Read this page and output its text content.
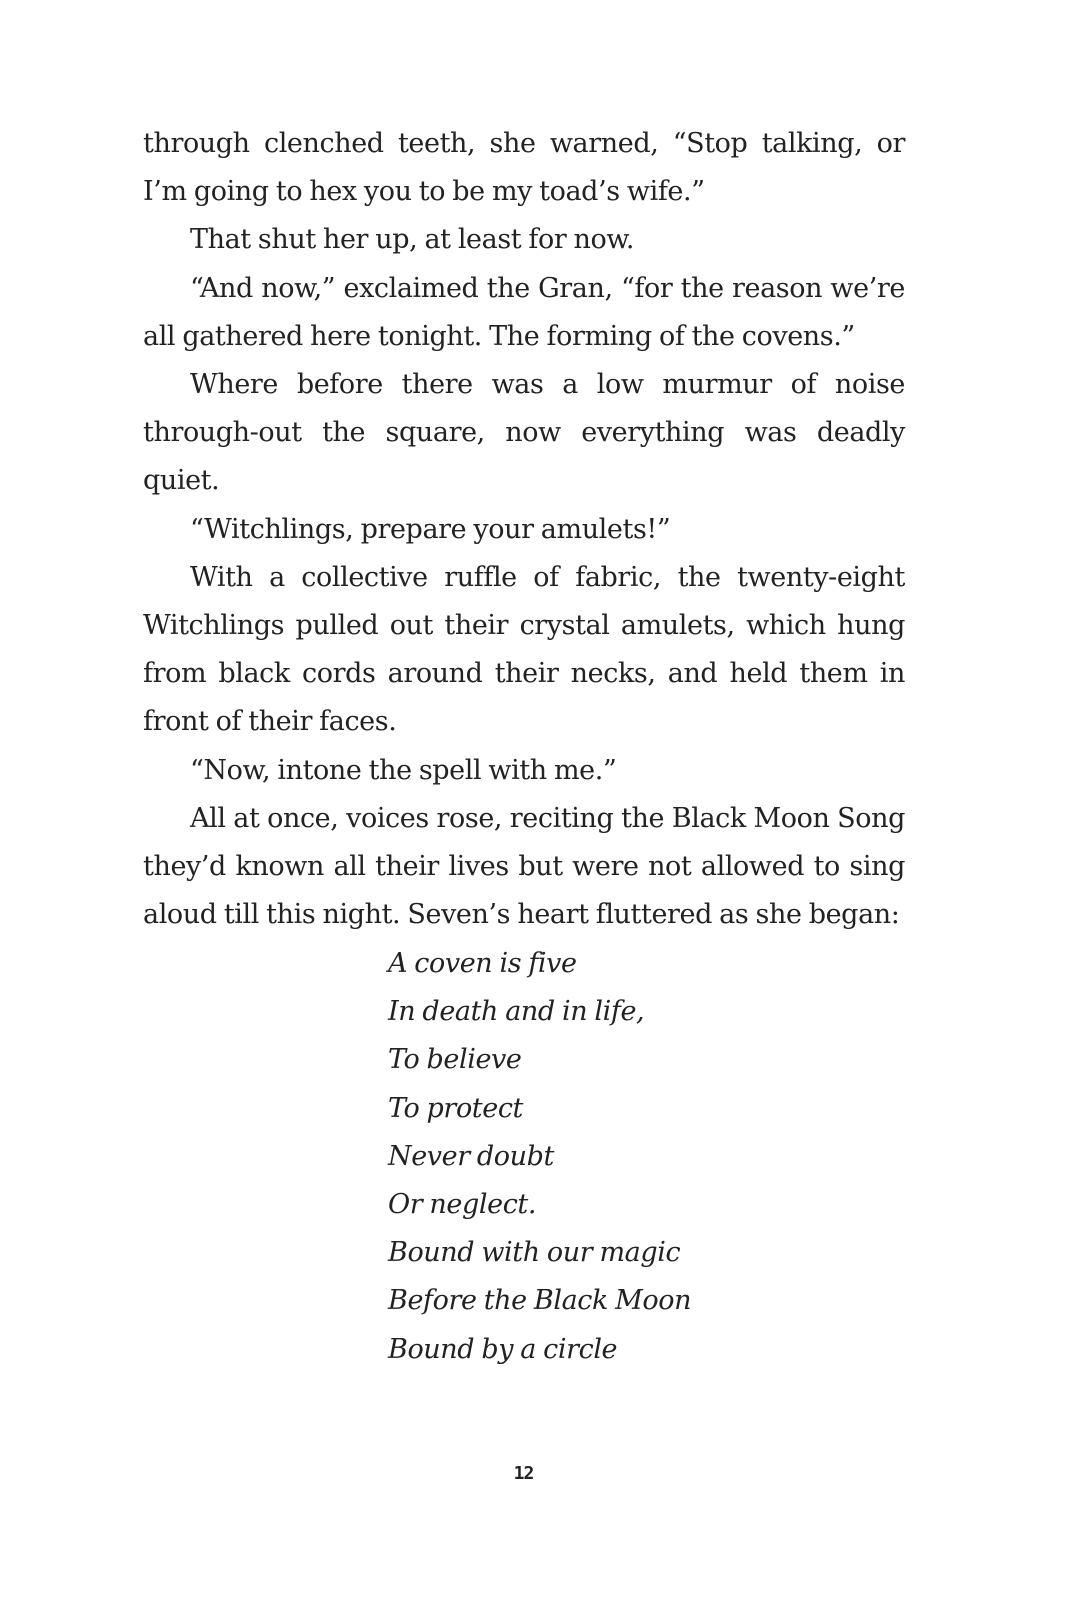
through clenched teeth, she warned, “Stop talking, or I’m going to hex you to be my toad’s wife.”

That shut her up, at least for now.

“And now,” exclaimed the Gran, “for the reason we’re all gathered here tonight. The forming of the covens.”

Where before there was a low murmur of noise through-out the square, now everything was deadly quiet.

“Witchlings, prepare your amulets!”

With a collective ruffle of fabric, the twenty-eight Witchlings pulled out their crystal amulets, which hung from black cords around their necks, and held them in front of their faces.

“Now, intone the spell with me.”

All at once, voices rose, reciting the Black Moon Song they’d known all their lives but were not allowed to sing aloud till this night. Seven’s heart fluttered as she began:

A coven is five
In death and in life,
To believe
To protect
Never doubt
Or neglect.
Bound with our magic
Before the Black Moon
Bound by a circle
12
